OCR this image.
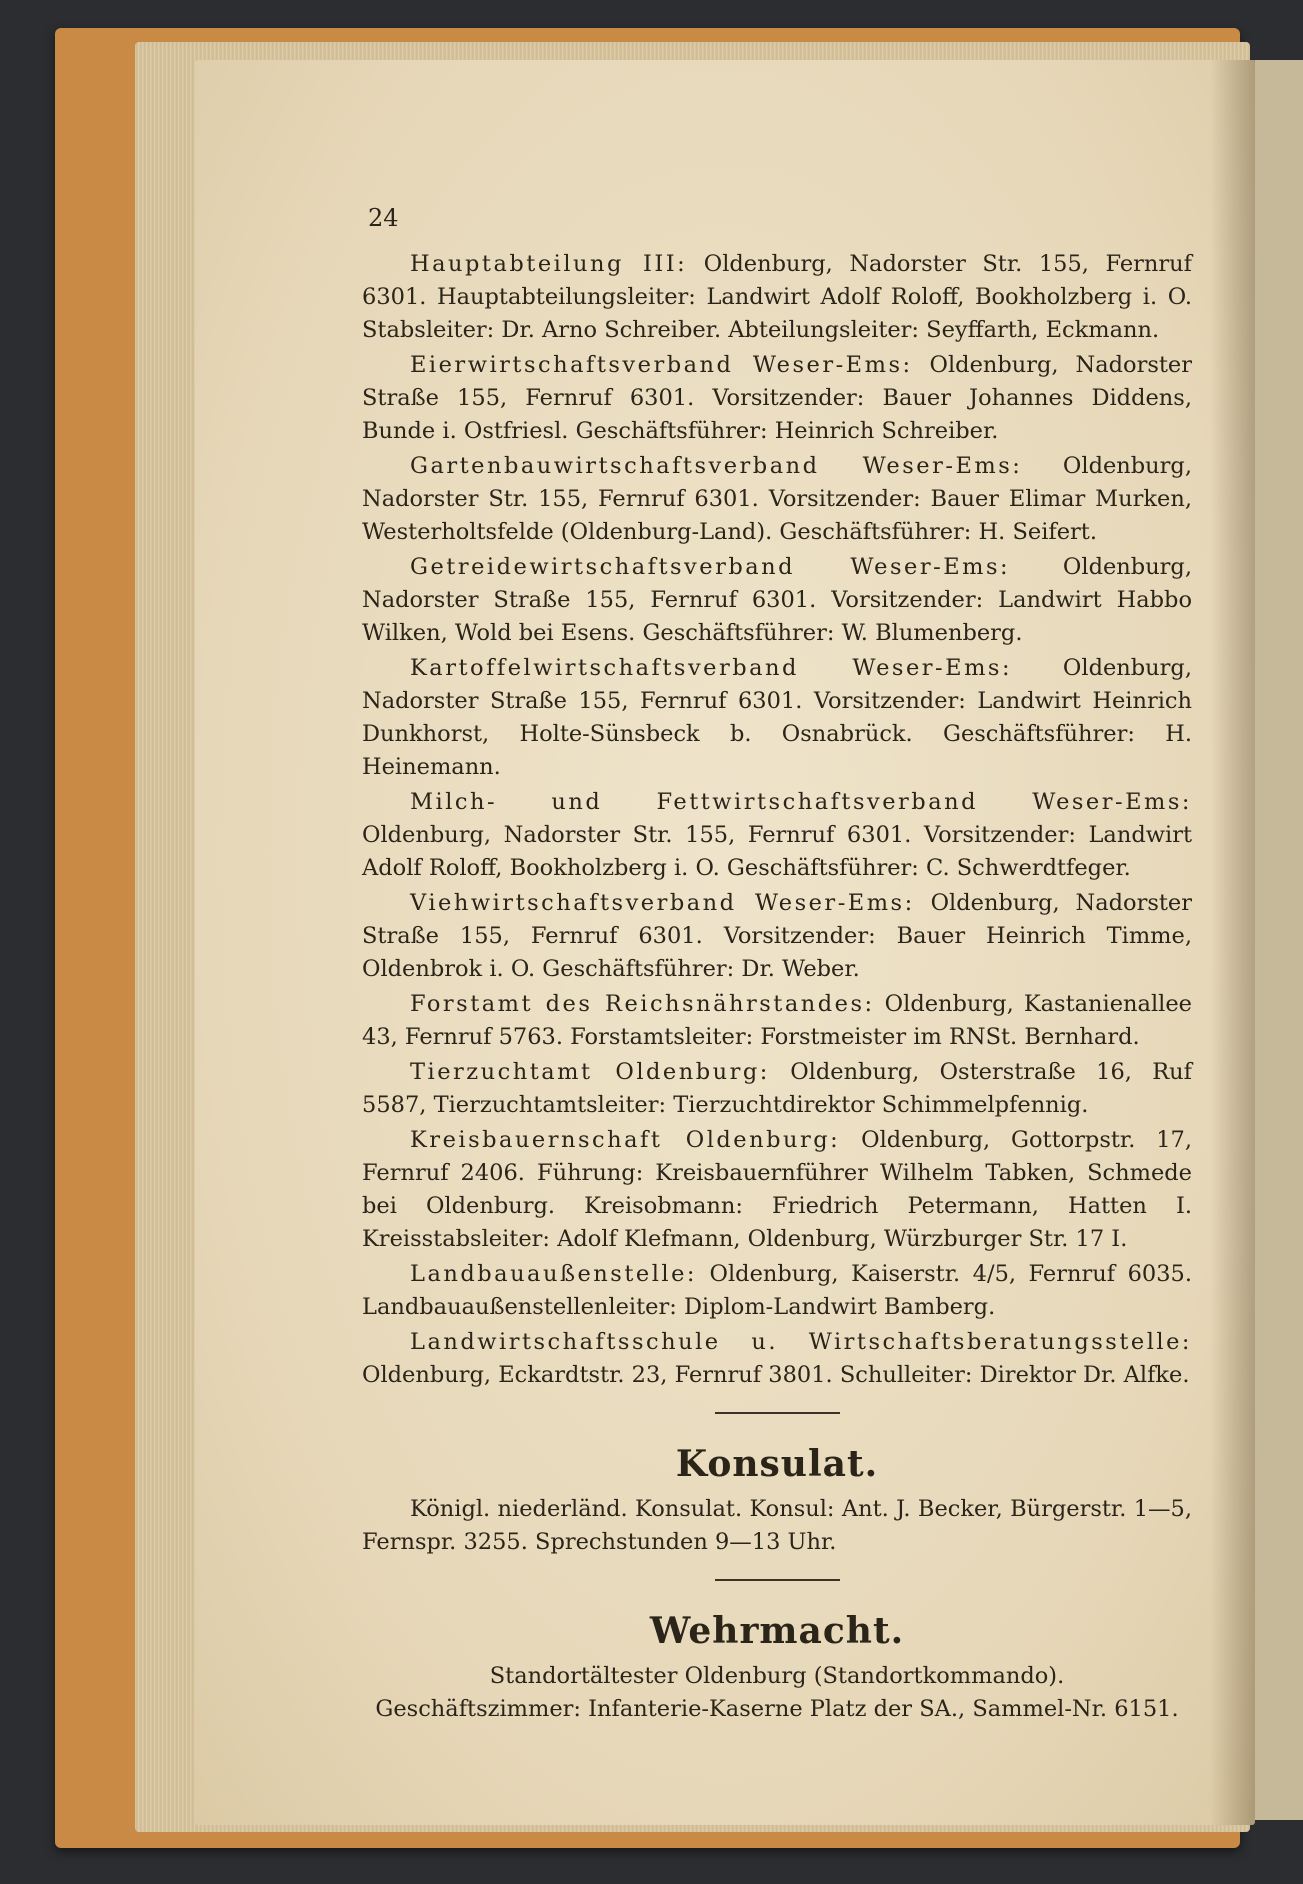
24

Hauptabteilung III: Oldenburg, Nadorster Str. 155, Fernruf 6301. Hauptabteilungsleiter: Landwirt Adolf Roloff, Bookholzberg i. O. Stabsleiter: Dr. Arno Schreiber. Abteilungsleiter: Seyffarth, Eckmann.

Eierwirtschaftsverband Weser-Ems: Oldenburg, Nadorster Straße 155, Fernruf 6301. Vorsitzender: Bauer Johannes Diddens, Bunde i. Ostfriesl. Geschäftsführer: Heinrich Schreiber.

Gartenbauwirtschaftsverband Weser-Ems: Oldenburg, Nadorster Str. 155, Fernruf 6301. Vorsitzender: Bauer Elimar Murken, Westerholtsfelde (Oldenburg-Land). Geschäftsführer: H. Seifert.

Getreidewirtschaftsverband Weser-Ems: Oldenburg, Nadorster Straße 155, Fernruf 6301. Vorsitzender: Landwirt Habbo Wilken, Wold bei Esens. Geschäftsführer: W. Blumenberg.

Kartoffelwirtschaftsverband Weser-Ems: Oldenburg, Nadorster Straße 155, Fernruf 6301. Vorsitzender: Landwirt Heinrich Dunkhorst, Holte-Sünsbeck b. Osnabrück. Geschäftsführer: H. Heinemann.

Milch- und Fettwirtschaftsverband Weser-Ems: Oldenburg, Nadorster Str. 155, Fernruf 6301. Vorsitzender: Landwirt Adolf Roloff, Bookholzberg i. O. Geschäftsführer: C. Schwerdtfeger.

Viehwirtschaftsverband Weser-Ems: Oldenburg, Nadorster Straße 155, Fernruf 6301. Vorsitzender: Bauer Heinrich Timme, Oldenbrok i. O. Geschäftsführer: Dr. Weber.

Forstamt des Reichsnährstandes: Oldenburg, Kastanienallee 43, Fernruf 5763. Forstamtsleiter: Forstmeister im RNSt. Bernhard.

Tierzuchtamt Oldenburg: Oldenburg, Osterstraße 16, Ruf 5587, Tierzuchtamtsleiter: Tierzuchtdirektor Schimmelpfennig.

Kreisbauernschaft Oldenburg: Oldenburg, Gottorpstr. 17, Fernruf 2406. Führung: Kreisbauernführer Wilhelm Tabken, Schmede bei Oldenburg. Kreisobmann: Friedrich Petermann, Hatten I. Kreisstabsleiter: Adolf Klefmann, Oldenburg, Würzburger Str. 17 I.

Landbauaußenstelle: Oldenburg, Kaiserstr. 4/5, Fernruf 6035. Landbauaußenstellenleiter: Diplom-Landwirt Bamberg.

Landwirtschaftsschule u. Wirtschaftsberatungsstelle: Oldenburg, Eckardtstr. 23, Fernruf 3801. Schulleiter: Direktor Dr. Alfke.

Konsulat.

Königl. niederländ. Konsulat. Konsul: Ant. J. Becker, Bürgerstr. 1—5, Fernspr. 3255. Sprechstunden 9—13 Uhr.

Wehrmacht.

Standortältester Oldenburg (Standortkommando).

Geschäftszimmer: Infanterie-Kaserne Platz der SA., Sammel-Nr. 6151.
